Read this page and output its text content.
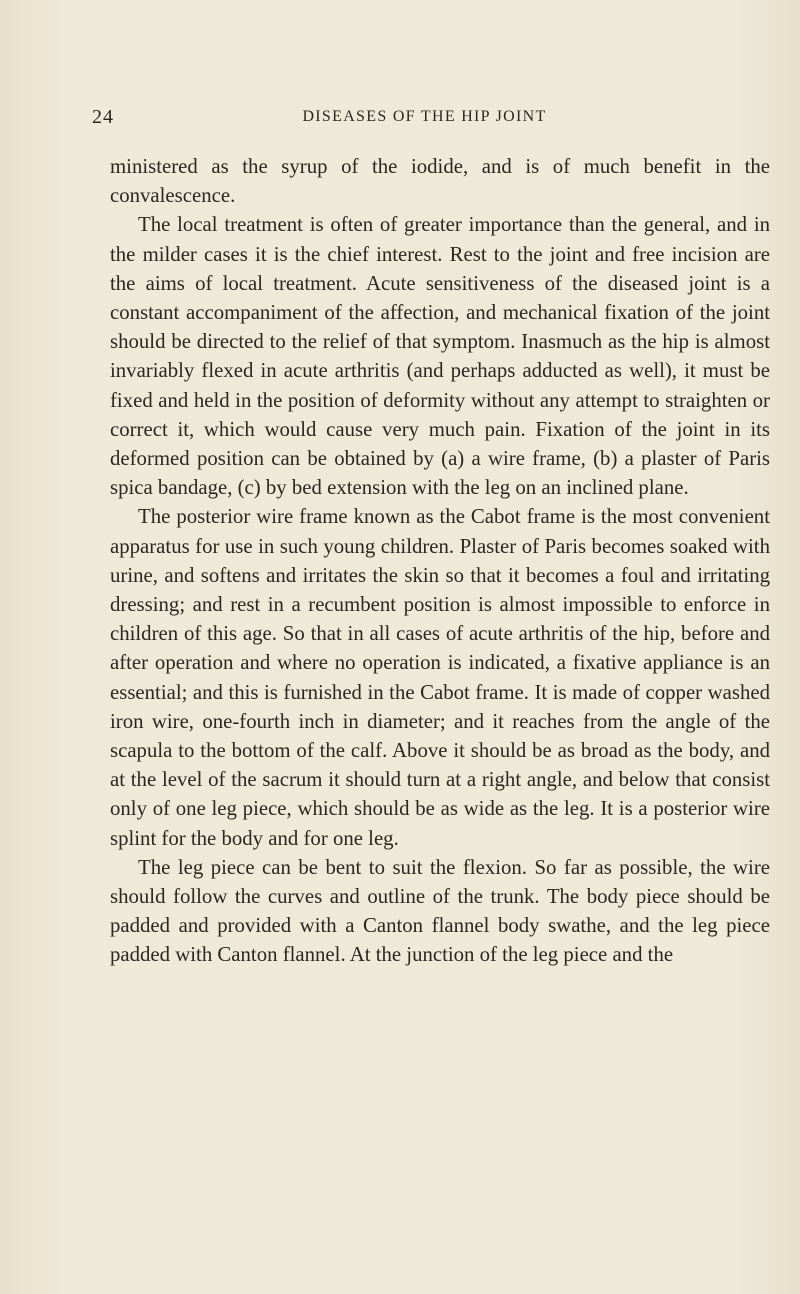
24	DISEASES OF THE HIP JOINT

ministered as the syrup of the iodide, and is of much benefit in the convalescence.

The local treatment is often of greater importance than the general, and in the milder cases it is the chief interest. Rest to the joint and free incision are the aims of local treatment. Acute sensitiveness of the diseased joint is a constant accompaniment of the affection, and mechanical fixation of the joint should be directed to the relief of that symptom. Inasmuch as the hip is almost invariably flexed in acute arthritis (and perhaps adducted as well), it must be fixed and held in the position of deformity without any attempt to straighten or correct it, which would cause very much pain. Fixation of the joint in its deformed position can be obtained by (a) a wire frame, (b) a plaster of Paris spica bandage, (c) by bed extension with the leg on an inclined plane.

The posterior wire frame known as the Cabot frame is the most convenient apparatus for use in such young children. Plaster of Paris becomes soaked with urine, and softens and irritates the skin so that it becomes a foul and irritating dressing; and rest in a recumbent position is almost impossible to enforce in children of this age. So that in all cases of acute arthritis of the hip, before and after operation and where no operation is indicated, a fixative appliance is an essential; and this is furnished in the Cabot frame. It is made of copper washed iron wire, one-fourth inch in diameter; and it reaches from the angle of the scapula to the bottom of the calf. Above it should be as broad as the body, and at the level of the sacrum it should turn at a right angle, and below that consist only of one leg piece, which should be as wide as the leg. It is a posterior wire splint for the body and for one leg.

The leg piece can be bent to suit the flexion. So far as possible, the wire should follow the curves and outline of the trunk. The body piece should be padded and provided with a Canton flannel body swathe, and the leg piece padded with Canton flannel. At the junction of the leg piece and the
